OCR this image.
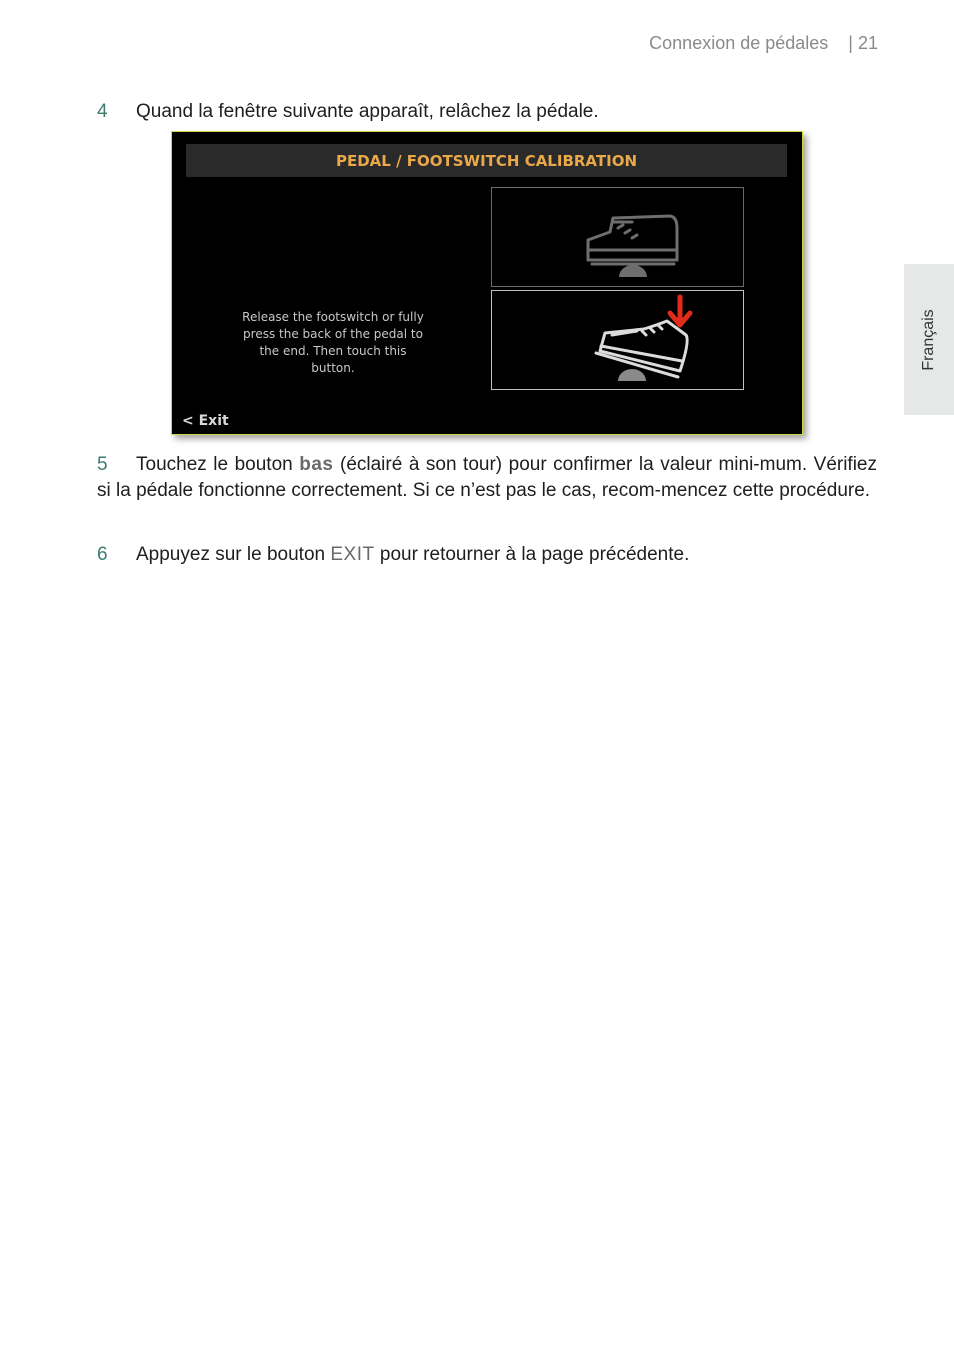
Connexion de pédales | 21
Français
4 Quand la fenêtre suivante apparaît, relâchez la pédale.
PEDAL / FOOTSWITCH CALIBRATION
Release the footswitch or fully press the back of the pedal to the end. Then touch this button.
< Exit
5 Touchez le bouton bas (éclairé à son tour) pour confirmer la valeur mini-mum. Vérifiez si la pédale fonctionne correctement. Si ce n’est pas le cas, recom-mencez cette procédure.
6 Appuyez sur le bouton EXIT pour retourner à la page précédente.
